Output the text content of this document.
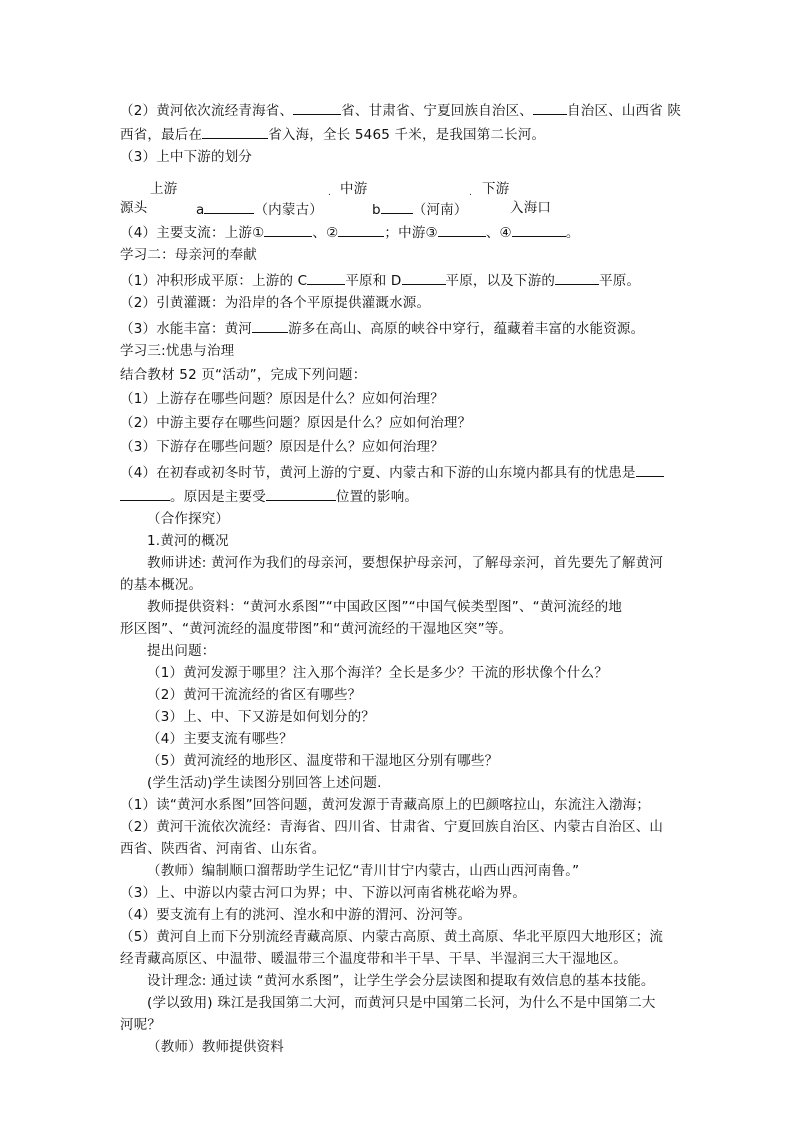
（2）黄河依次流经青海省、	省、甘肃省、宁夏回族自治区、	自治区、山西省 陕
西省，最后在	省入海，全长 5465 千米，是我国第二长河。
（3）上中下游的划分
上游	. 中游	. 下游
源头	a	（内蒙古）	b （河南）	入海口
（4）主要支流：上游①	、②	；中游③	、④	。
学习二：母亲河的奉献
（1）冲积形成平原：上游的 C	平原和 D	平原，以及下游的	平原。
（2）引黄灌溉：为沿岸的各个平原提供灌溉水源。
（3）水能丰富：黄河	游多在高山、高原的峡谷中穿行，蕴藏着丰富的水能资源。
学习三:忧患与治理
结合教材 52 页“活动”，完成下列问题：
（1）上游存在哪些问题？原因是什么？应如何治理？
（2）中游主要存在哪些问题？原因是什么？应如何治理？
（3）下游存在哪些问题？原因是什么？应如何治理？
（4）在初春或初冬时节，黄河上游的宁夏、内蒙古和下游的山东境内都具有的忧患是
。原因是主要受	位置的影响。
（合作探究）
1.黄河的概况
教师讲述: 黄河作为我们的母亲河，要想保护母亲河，了解母亲河，首先要先了解黄河
的基本概况。
教师提供资料：“黄河水系图”“中国政区图”“中国气候类型图”、“黄河流经的地
形区图”、“黄河流经的温度带图”和“黄河流经的干湿地区突”等。
提出问题：
（1）黄河发源于哪里？注入那个海洋？全长是多少？干流的形状像个什么？
（2）黄河干流流经的省区有哪些？
（3）上、中、下又游是如何划分的？
（4）主要支流有哪些？
（5）黄河流经的地形区、温度带和干湿地区分别有哪些？
(学生活动)学生读图分别回答上述问题.
（1）读“黄河水系图”回答问题，黄河发源于青藏高原上的巴颜喀拉山，东流注入渤海；
（2）黄河干流依次流经：青海省、四川省、甘肃省、宁夏回族自治区、内蒙古自治区、山
西省、陕西省、河南省、山东省。
（教师）编制顺口溜帮助学生记忆“青川甘宁内蒙古，山西山西河南鲁。”
（3）上、中游以内蒙古河口为界；中、下游以河南省桃花峪为界。
（4）要支流有上有的洮河、湟水和中游的渭河、汾河等。
（5）黄河自上而下分别流经青藏高原、内蒙古高原、黄土高原、华北平原四大地形区；流
经青藏高原区、中温带、暖温带三个温度带和半干旱、干旱、半湿润三大干湿地区。
设计理念: 通过读 “黄河水系图”，让学生学会分层读图和提取有效信息的基本技能。
(学以致用) 珠江是我国第二大河，而黄河只是中国第二长河，为什么不是中国第二大
河呢？
（教师）教师提供资料
